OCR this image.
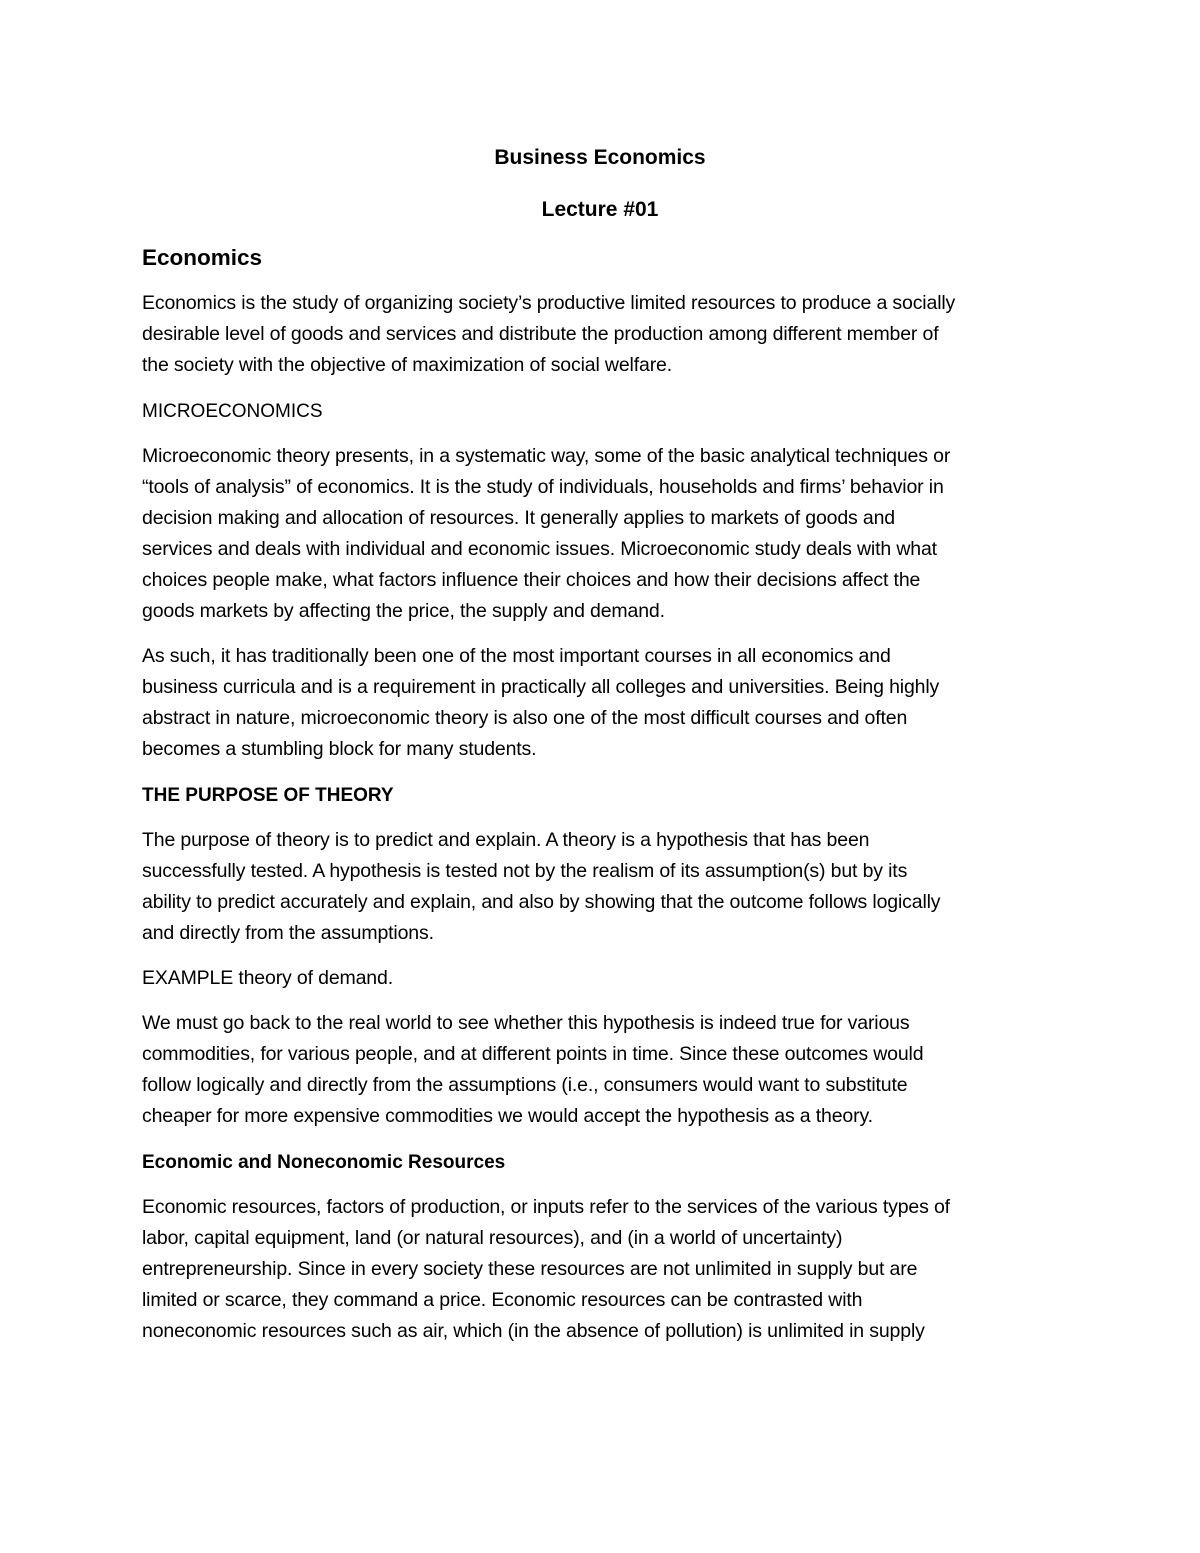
Business Economics
Lecture #01
Economics

Economics is the study of organizing society’s productive limited resources to produce a socially
desirable level of goods and services and distribute the production among different member of
the society with the objective of maximization of social welfare.

MICROECONOMICS

Microeconomic theory presents, in a systematic way, some of the basic analytical techniques or
“tools of analysis” of economics. It is the study of individuals, households and firms’ behavior in
decision making and allocation of resources. It generally applies to markets of goods and
services and deals with individual and economic issues. Microeconomic study deals with what
choices people make, what factors influence their choices and how their decisions affect the
goods markets by affecting the price, the supply and demand.

As such, it has traditionally been one of the most important courses in all economics and
business curricula and is a requirement in practically all colleges and universities. Being highly
abstract in nature, microeconomic theory is also one of the most difficult courses and often
becomes a stumbling block for many students.

THE PURPOSE OF THEORY

The purpose of theory is to predict and explain. A theory is a hypothesis that has been
successfully tested. A hypothesis is tested not by the realism of its assumption(s) but by its
ability to predict accurately and explain, and also by showing that the outcome follows logically
and directly from the assumptions.

EXAMPLE theory of demand.

We must go back to the real world to see whether this hypothesis is indeed true for various
commodities, for various people, and at different points in time. Since these outcomes would
follow logically and directly from the assumptions (i.e., consumers would want to substitute
cheaper for more expensive commodities we would accept the hypothesis as a theory.

Economic and Noneconomic Resources

Economic resources, factors of production, or inputs refer to the services of the various types of
labor, capital equipment, land (or natural resources), and (in a world of uncertainty)
entrepreneurship. Since in every society these resources are not unlimited in supply but are
limited or scarce, they command a price. Economic resources can be contrasted with
noneconomic resources such as air, which (in the absence of pollution) is unlimited in supply
